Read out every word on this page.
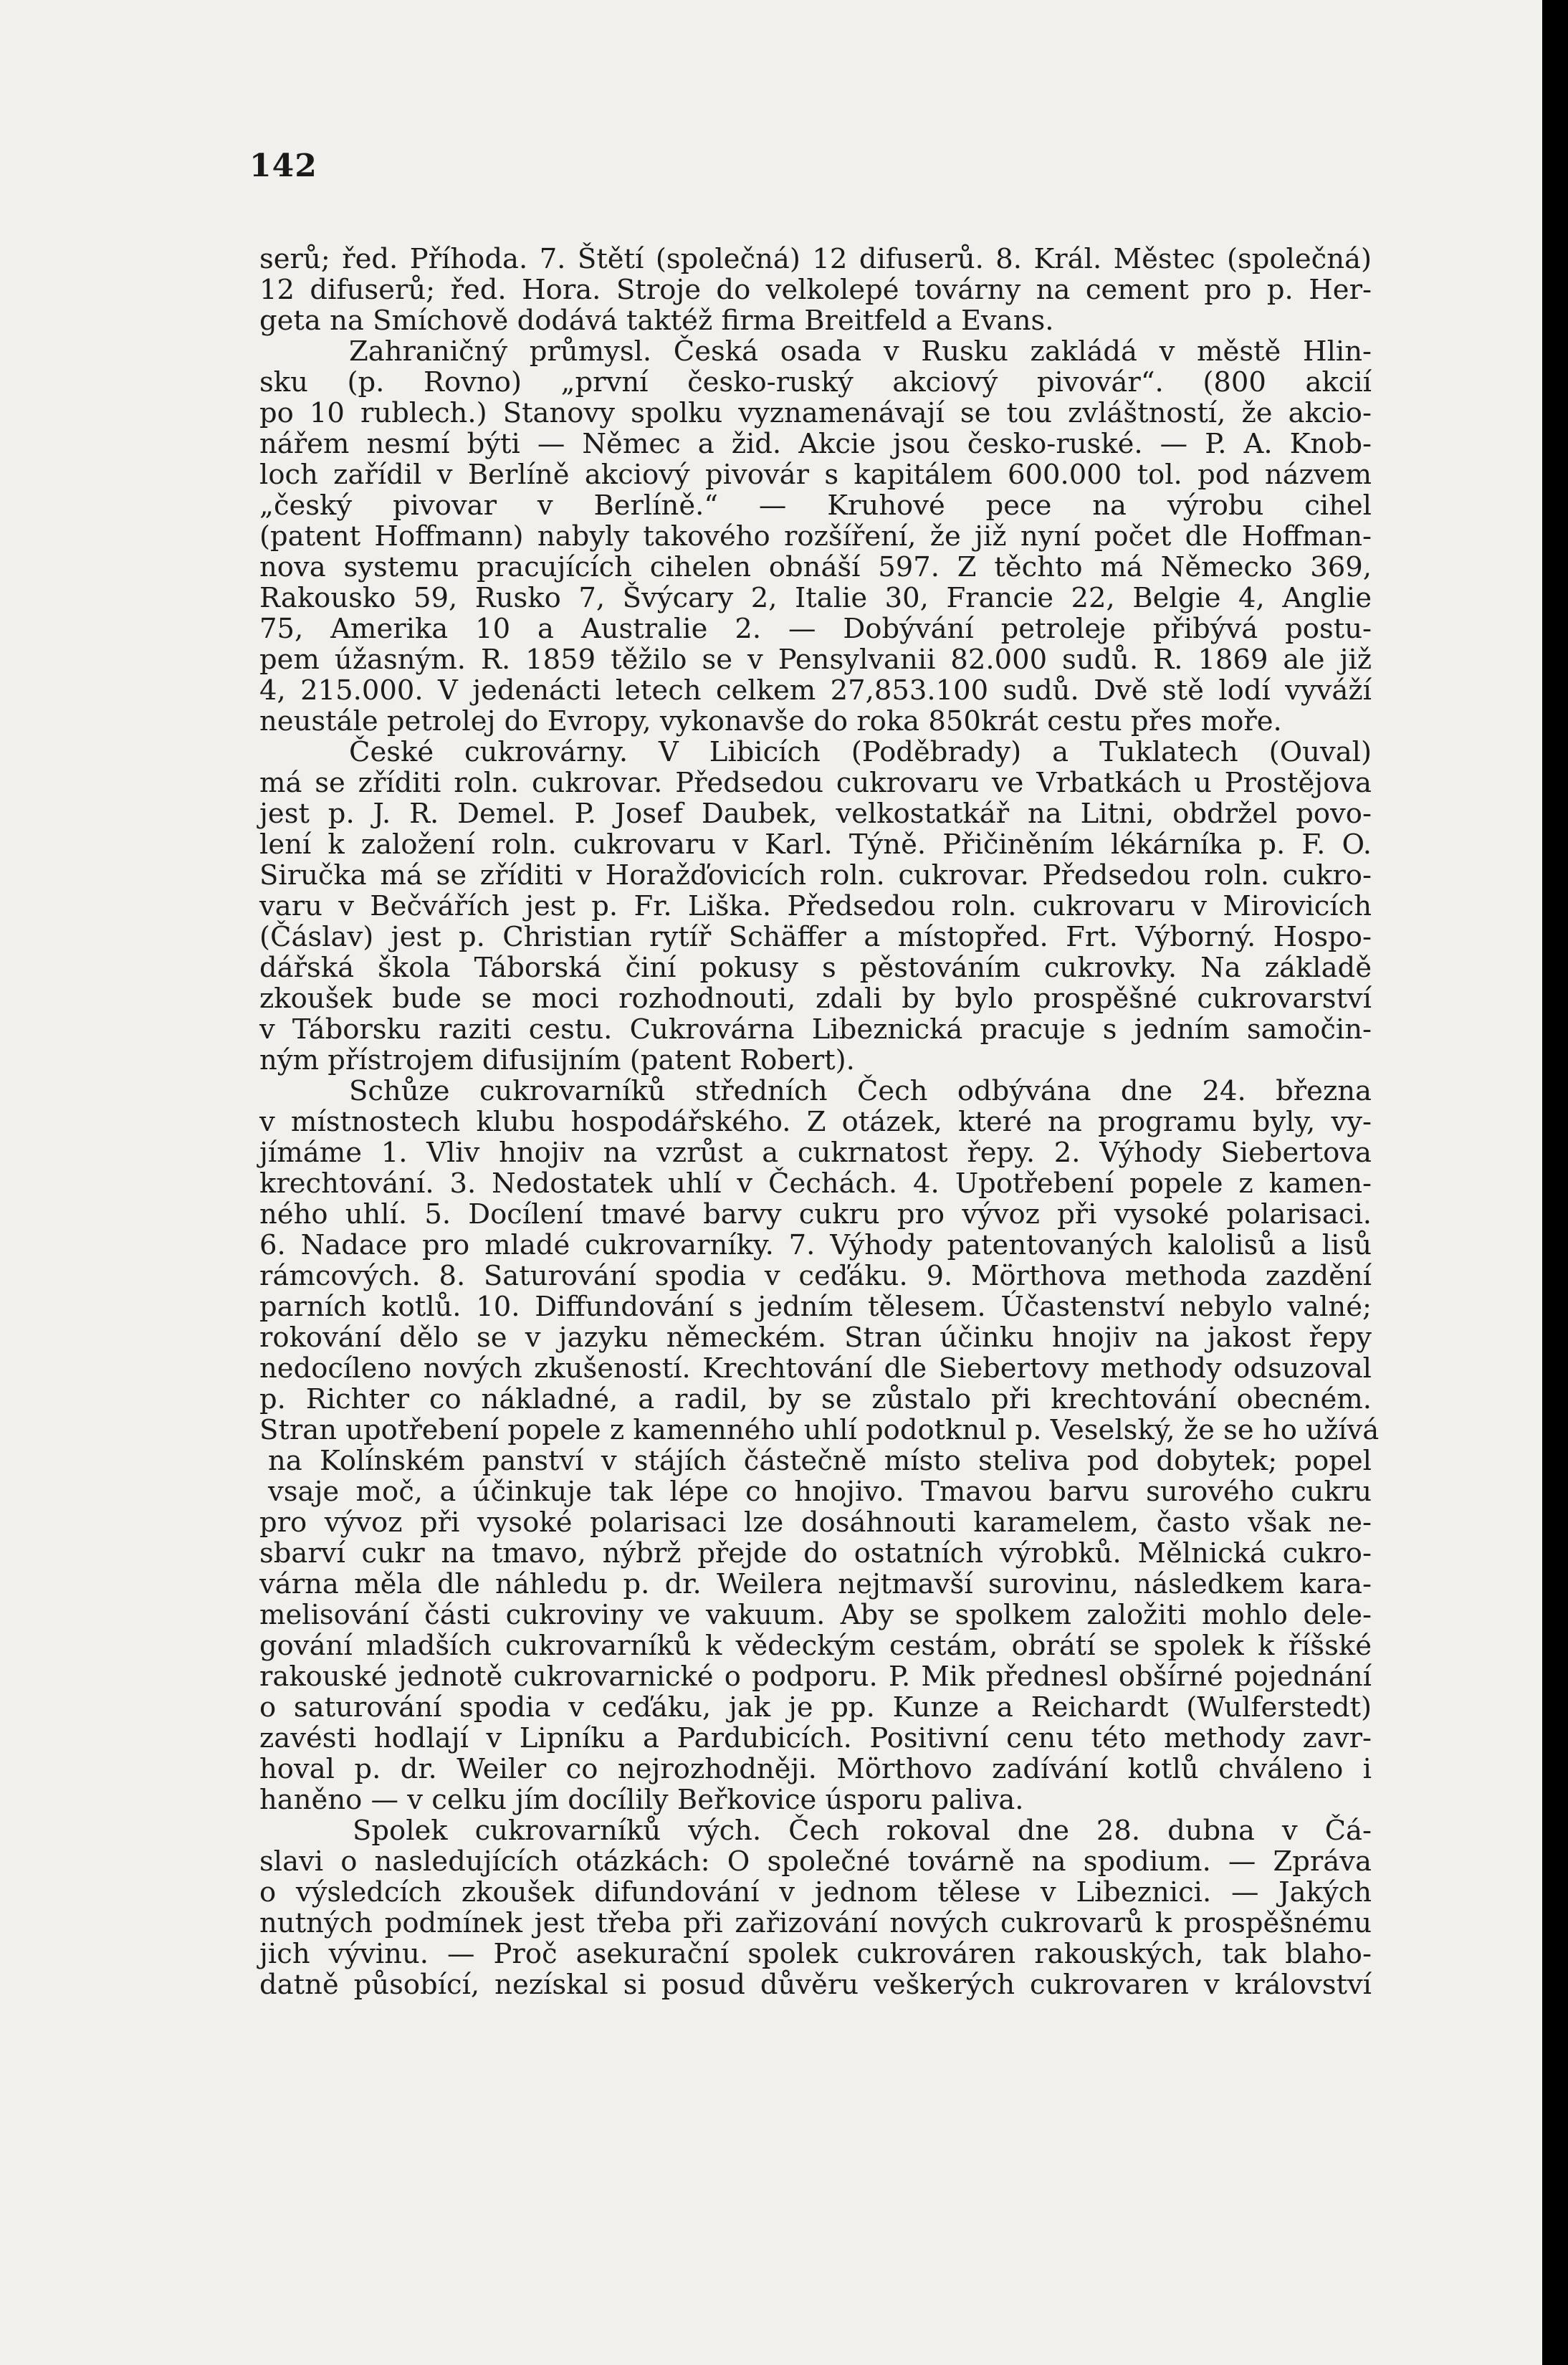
142
serů; řed. Příhoda. 7. Štětí (společná) 12 difuserů. 8. Král. Městec (společná)
12 difuserů; řed. Hora. Stroje do velkolepé továrny na cement pro p. Her-
geta na Smíchově dodává taktéž firma Breitfeld a Evans.
Zahraničný průmysl. Česká osada v Rusku zakládá v městě Hlin-
sku (p. Rovno) „první česko-ruský akciový pivovár“. (800 akcií
po 10 rublech.) Stanovy spolku vyznamenávají se tou zvláštností, že akcio-
nářem nesmí býti — Němec a žid. Akcie jsou česko-ruské. — P. A. Knob-
loch zařídil v Berlíně akciový pivovár s kapitálem 600.000 tol. pod názvem
„český pivovar v Berlíně.“ — Kruhové pece na výrobu cihel
(patent Hoffmann) nabyly takového rozšíření, že již nyní počet dle Hoffman-
nova systemu pracujících cihelen obnáší 597. Z těchto má Německo 369,
Rakousko 59, Rusko 7, Švýcary 2, Italie 30, Francie 22, Belgie 4, Anglie
75, Amerika 10 a Australie 2. — Dobývání petroleje přibývá postu-
pem úžasným. R. 1859 těžilo se v Pensylvanii 82.000 sudů. R. 1869 ale již
4, 215.000. V jedenácti letech celkem 27,853.100 sudů. Dvě stě lodí vyváží
neustále petrolej do Evropy, vykonavše do roka 850krát cestu přes moře.
České cukrovárny. V Libicích (Poděbrady) a Tuklatech (Ouval)
má se zříditi roln. cukrovar. Předsedou cukrovaru ve Vrbatkách u Prostějova
jest p. J. R. Demel. P. Josef Daubek, velkostatkář na Litni, obdržel povo-
lení k založení roln. cukrovaru v Karl. Týně. Přičiněním lékárníka p. F. O.
Siručka má se zříditi v Horažďovicích roln. cukrovar. Předsedou roln. cukro-
varu v Bečvářích jest p. Fr. Liška. Předsedou roln. cukrovaru v Mirovicích
(Čáslav) jest p. Christian rytíř Schäffer a místopřed. Frt. Výborný. Hospo-
dářská škola Táborská činí pokusy s pěstováním cukrovky. Na základě
zkoušek bude se moci rozhodnouti, zdali by bylo prospěšné cukrovarství
v Táborsku raziti cestu. Cukrovárna Libeznická pracuje s jedním samočin-
ným přístrojem difusijním (patent Robert).
Schůze cukrovarníků středních Čech odbývána dne 24. března
v místnostech klubu hospodářského. Z otázek, které na programu byly, vy-
jímáme 1. Vliv hnojiv na vzrůst a cukrnatost řepy. 2. Výhody Siebertova
krechtování. 3. Nedostatek uhlí v Čechách. 4. Upotřebení popele z kamen-
ného uhlí. 5. Docílení tmavé barvy cukru pro vývoz při vysoké polarisaci.
6. Nadace pro mladé cukrovarníky. 7. Výhody patentovaných kalolisů a lisů
rámcových. 8. Saturování spodia v ceďáku. 9. Mörthova methoda zazdění
parních kotlů. 10. Diffundování s jedním tělesem. Účastenství nebylo valné;
rokování dělo se v jazyku německém. Stran účinku hnojiv na jakost řepy
nedocíleno nových zkušeností. Krechtování dle Siebertovy methody odsuzoval
p. Richter co nákladné, a radil, by se zůstalo při krechtování obecném.
Stran upotřebení popele z kamenného uhlí podotknul p. Veselský, že se ho užívá
na Kolínském panství v stájích částečně místo steliva pod dobytek; popel
vsaje moč, a účinkuje tak lépe co hnojivo. Tmavou barvu surového cukru
pro vývoz při vysoké polarisaci lze dosáhnouti karamelem, často však ne-
sbarví cukr na tmavo, nýbrž přejde do ostatních výrobků. Mělnická cukro-
várna měla dle náhledu p. dr. Weilera nejtmavší surovinu, následkem kara-
melisování části cukroviny ve vakuum. Aby se spolkem založiti mohlo dele-
gování mladších cukrovarníků k vědeckým cestám, obrátí se spolek k říšské
rakouské jednotě cukrovarnické o podporu. P. Mik přednesl obšírné pojednání
o saturování spodia v ceďáku, jak je pp. Kunze a Reichardt (Wulferstedt)
zavésti hodlají v Lipníku a Pardubicích. Positivní cenu této methody zavr-
hoval p. dr. Weiler co nejrozhodněji. Mörthovo zadívání kotlů chváleno i
haněno — v celku jím docílily Beřkovice úsporu paliva.
Spolek cukrovarníků vých. Čech rokoval dne 28. dubna v Čá-
slavi o nasledujících otázkách: O společné továrně na spodium. — Zpráva
o výsledcích zkoušek difundování v jednom tělese v Libeznici. — Jakých
nutných podmínek jest třeba při zařizování nových cukrovarů k prospěšnému
jich vývinu. — Proč asekurační spolek cukrováren rakouských, tak blaho-
datně působící, nezískal si posud důvěru veškerých cukrovaren v království
